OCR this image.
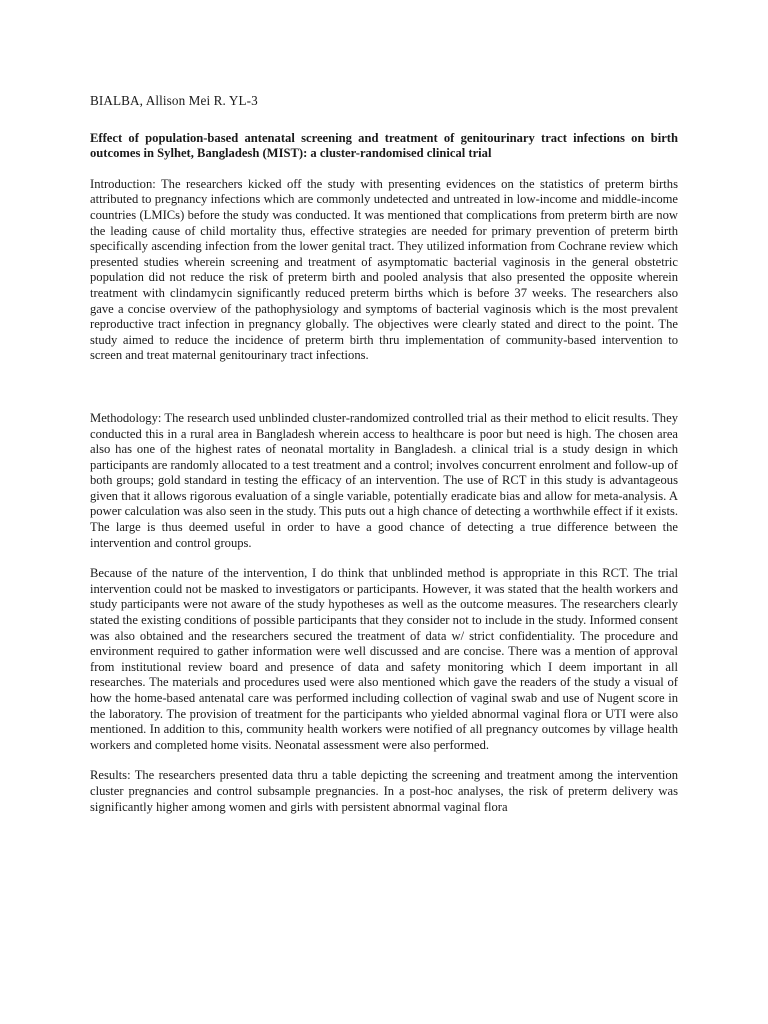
BIALBA, Allison Mei R. YL-3

Effect of population-based antenatal screening and treatment of genitourinary tract infections on birth outcomes in Sylhet, Bangladesh (MIST): a cluster-randomised clinical trial

Introduction: The researchers kicked off the study with presenting evidences on the statistics of preterm births attributed to pregnancy infections which are commonly undetected and untreated in low-income and middle-income countries (LMICs) before the study was conducted. It was mentioned that complications from preterm birth are now the leading cause of child mortality thus, effective strategies are needed for primary prevention of preterm birth specifically ascending infection from the lower genital tract. They utilized information from Cochrane review which presented studies wherein screening and treatment of asymptomatic bacterial vaginosis in the general obstetric population did not reduce the risk of preterm birth and pooled analysis that also presented the opposite wherein treatment with clindamycin significantly reduced preterm births which is before 37 weeks. The researchers also gave a concise overview of the pathophysiology and symptoms of bacterial vaginosis which is the most prevalent reproductive tract infection in pregnancy globally. The objectives were clearly stated and direct to the point. The study aimed to reduce the incidence of preterm birth thru implementation of community-based intervention to screen and treat maternal genitourinary tract infections.

Methodology: The research used unblinded cluster-randomized controlled trial as their method to elicit results. They conducted this in a rural area in Bangladesh wherein access to healthcare is poor but need is high. The chosen area also has one of the highest rates of neonatal mortality in Bangladesh. a clinical trial is a study design in which participants are randomly allocated to a test treatment and a control; involves concurrent enrolment and follow-up of both groups; gold standard in testing the efficacy of an intervention. The use of RCT in this study is advantageous given that it allows rigorous evaluation of a single variable, potentially eradicate bias and allow for meta-analysis. A power calculation was also seen in the study. This puts out a high chance of detecting a worthwhile effect if it exists. The large is thus deemed useful in order to have a good chance of detecting a true difference between the intervention and control groups.

Because of the nature of the intervention, I do think that unblinded method is appropriate in this RCT. The trial intervention could not be masked to investigators or participants. However, it was stated that the health workers and study participants were not aware of the study hypotheses as well as the outcome measures. The researchers clearly stated the existing conditions of possible participants that they consider not to include in the study. Informed consent was also obtained and the researchers secured the treatment of data w/ strict confidentiality. The procedure and environment required to gather information were well discussed and are concise. There was a mention of approval from institutional review board and presence of data and safety monitoring which I deem important in all researches. The materials and procedures used were also mentioned which gave the readers of the study a visual of how the home-based antenatal care was performed including collection of vaginal swab and use of Nugent score in the laboratory. The provision of treatment for the participants who yielded abnormal vaginal flora or UTI were also mentioned. In addition to this, community health workers were notified of all pregnancy outcomes by village health workers and completed home visits. Neonatal assessment were also performed.

Results: The researchers presented data thru a table depicting the screening and treatment among the intervention cluster pregnancies and control subsample pregnancies. In a post-hoc analyses, the risk of preterm delivery was significantly higher among women and girls with persistent abnormal vaginal flora
